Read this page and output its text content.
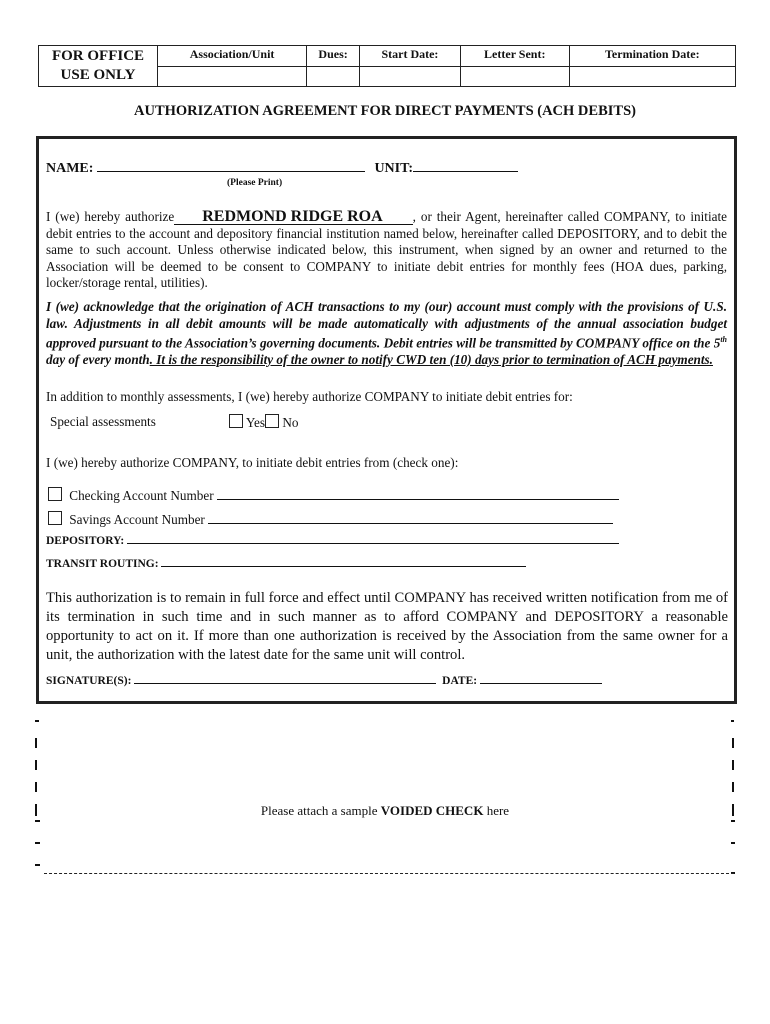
FOR OFFICE USE ONLY	Association/Unit	Dues:	Start Date:	Letter Sent:	Termination Date:

AUTHORIZATION AGREEMENT FOR DIRECT PAYMENTS (ACH DEBITS)
NAME:	UNIT:
(Please Print)
I (we) hereby authorize REDMOND RIDGE ROA , or their Agent, hereinafter called COMPANY, to initiate debit entries to the account and depository financial institution named below, hereinafter called DEPOSITORY, and to debit the same to such account. Unless otherwise indicated below, this instrument, when signed by an owner and returned to the Association will be deemed to be consent to COMPANY to initiate debit entries for monthly fees (HOA dues, parking, locker/storage rental, utilities).
I (we) acknowledge that the origination of ACH transactions to my (our) account must comply with the provisions of U.S. law. Adjustments in all debit amounts will be made automatically with adjustments of the annual association budget approved pursuant to the Association’s governing documents. Debit entries will be transmitted by COMPANY office on the 5th day of every month. It is the responsibility of the owner to notify CWD ten (10) days prior to termination of ACH payments.
In addition to monthly assessments, I (we) hereby authorize COMPANY to initiate debit entries for:
Special assessments	Yes No
I (we) hereby authorize COMPANY, to initiate debit entries from (check one):
Checking Account Number
Savings Account Number
DEPOSITORY:
TRANSIT ROUTING:
This authorization is to remain in full force and effect until COMPANY has received written notification from me of its termination in such time and in such manner as to afford COMPANY and DEPOSITORY a reasonable opportunity to act on it. If more than one authorization is received by the Association from the same owner for a unit, the authorization with the latest date for the same unit will control.
SIGNATURE(S):	DATE:
Please attach a sample VOIDED CHECK here
